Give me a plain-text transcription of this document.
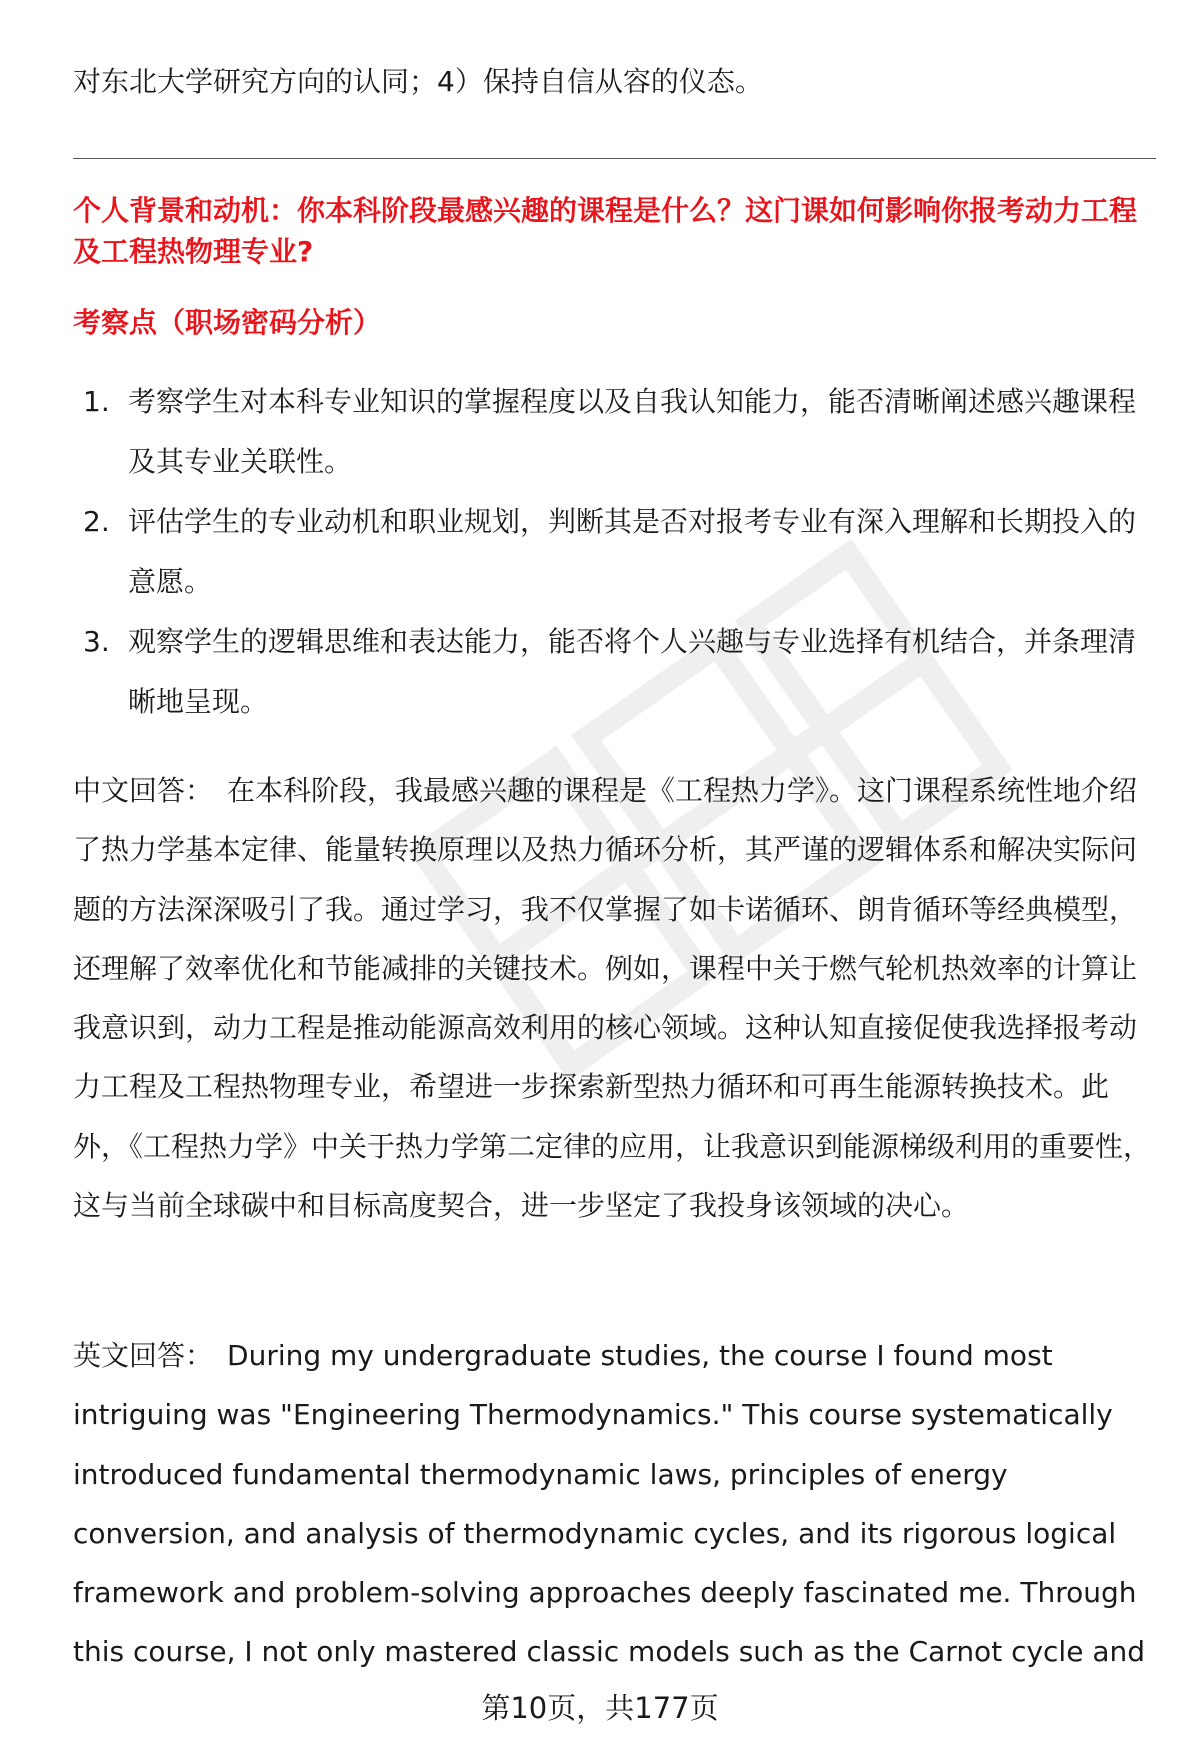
对东北大学研究方向的认同；4）保持自信从容的仪态。

个人背景和动机：你本科阶段最感兴趣的课程是什么？这门课如何影响你报考动力工程及工程热物理专业?

考察点（职场密码分析）

1. 考察学生对本科专业知识的掌握程度以及自我认知能力，能否清晰阐述感兴趣课程及其专业关联性。
2. 评估学生的专业动机和职业规划，判断其是否对报考专业有深入理解和长期投入的意愿。
3. 观察学生的逻辑思维和表达能力，能否将个人兴趣与专业选择有机结合，并条理清晰地呈现。

中文回答： 在本科阶段，我最感兴趣的课程是《工程热力学》。这门课程系统性地介绍了热力学基本定律、能量转换原理以及热力循环分析，其严谨的逻辑体系和解决实际问题的方法深深吸引了我。通过学习，我不仅掌握了如卡诺循环、朗肯循环等经典模型，还理解了效率优化和节能减排的关键技术。例如，课程中关于燃气轮机热效率的计算让我意识到，动力工程是推动能源高效利用的核心领域。这种认知直接促使我选择报考动力工程及工程热物理专业，希望进一步探索新型热力循环和可再生能源转换技术。此外，《工程热力学》中关于热力学第二定律的应用，让我意识到能源梯级利用的重要性，这与当前全球碳中和目标高度契合，进一步坚定了我投身该领域的决心。

英文回答： During my undergraduate studies, the course I found most intriguing was "Engineering Thermodynamics." This course systematically introduced fundamental thermodynamic laws, principles of energy conversion, and analysis of thermodynamic cycles, and its rigorous logical framework and problem-solving approaches deeply fascinated me. Through this course, I not only mastered classic models such as the Carnot cycle and

第10页，共177页
